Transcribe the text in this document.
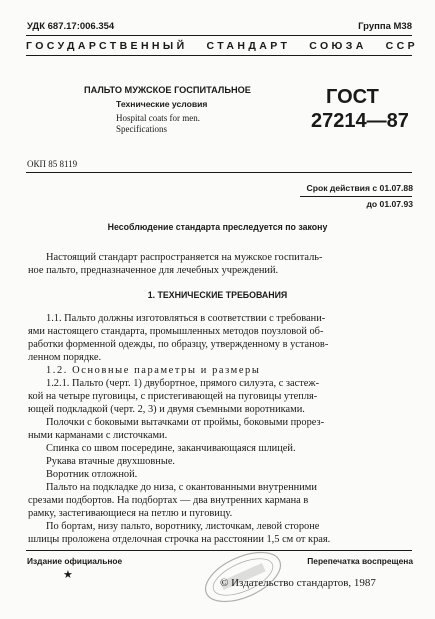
УДК 687.17:006.354	Группа М38
ГОСУДАРСТВЕННЫЙ   СТАНДАРТ   СОЮЗА   ССР
ПАЛЬТО МУЖСКОЕ ГОСПИТАЛЬНОЕ
Технические условия
Hospital coats for men.
Specifications
ГОСТ
27214—87
ОКП 85 8119
Срок действия с 01.07.88
до 01.07.93
Несоблюдение стандарта преследуется по закону
Настоящий стандарт распространяется на мужское госпиталь-
ное пальто, предназначенное для лечебных учреждений.
1. ТЕХНИЧЕСКИЕ ТРЕБОВАНИЯ
1.1. Пальто должны изготовляться в соответствии с требовани-
ями настоящего стандарта, промышленных методов поузловой об-
работки форменной одежды, по образцу, утвержденному в установ-
ленном порядке.
1.2. Основные параметры и размеры
1.2.1. Пальто (черт. 1) двубортное, прямого силуэта, с застеж-
кой на четыре пуговицы, с пристегивающей на пуговицы утепля-
ющей подкладкой (черт. 2, 3) и двумя съемными воротниками.
Полочки с боковыми вытачками от проймы, боковыми прорез-
ными карманами с листочками.
Спинка со швом посередине, заканчивающаяся шлицей.
Рукава втачные двухшовные.
Воротник отложной.
Пальто на подкладке до низа, с окантованными внутренними
срезами подбортов. На подбортах — два внутренних кармана в
рамку, застегивающиеся на петлю и пуговицу.
По бортам, низу пальто, воротнику, листочкам, левой стороне
шлицы проложена отделочная строчка на расстоянии 1,5 см от края.
Издание официальное	Перепечатка воспрещена
★
© Издательство стандартов, 1987
